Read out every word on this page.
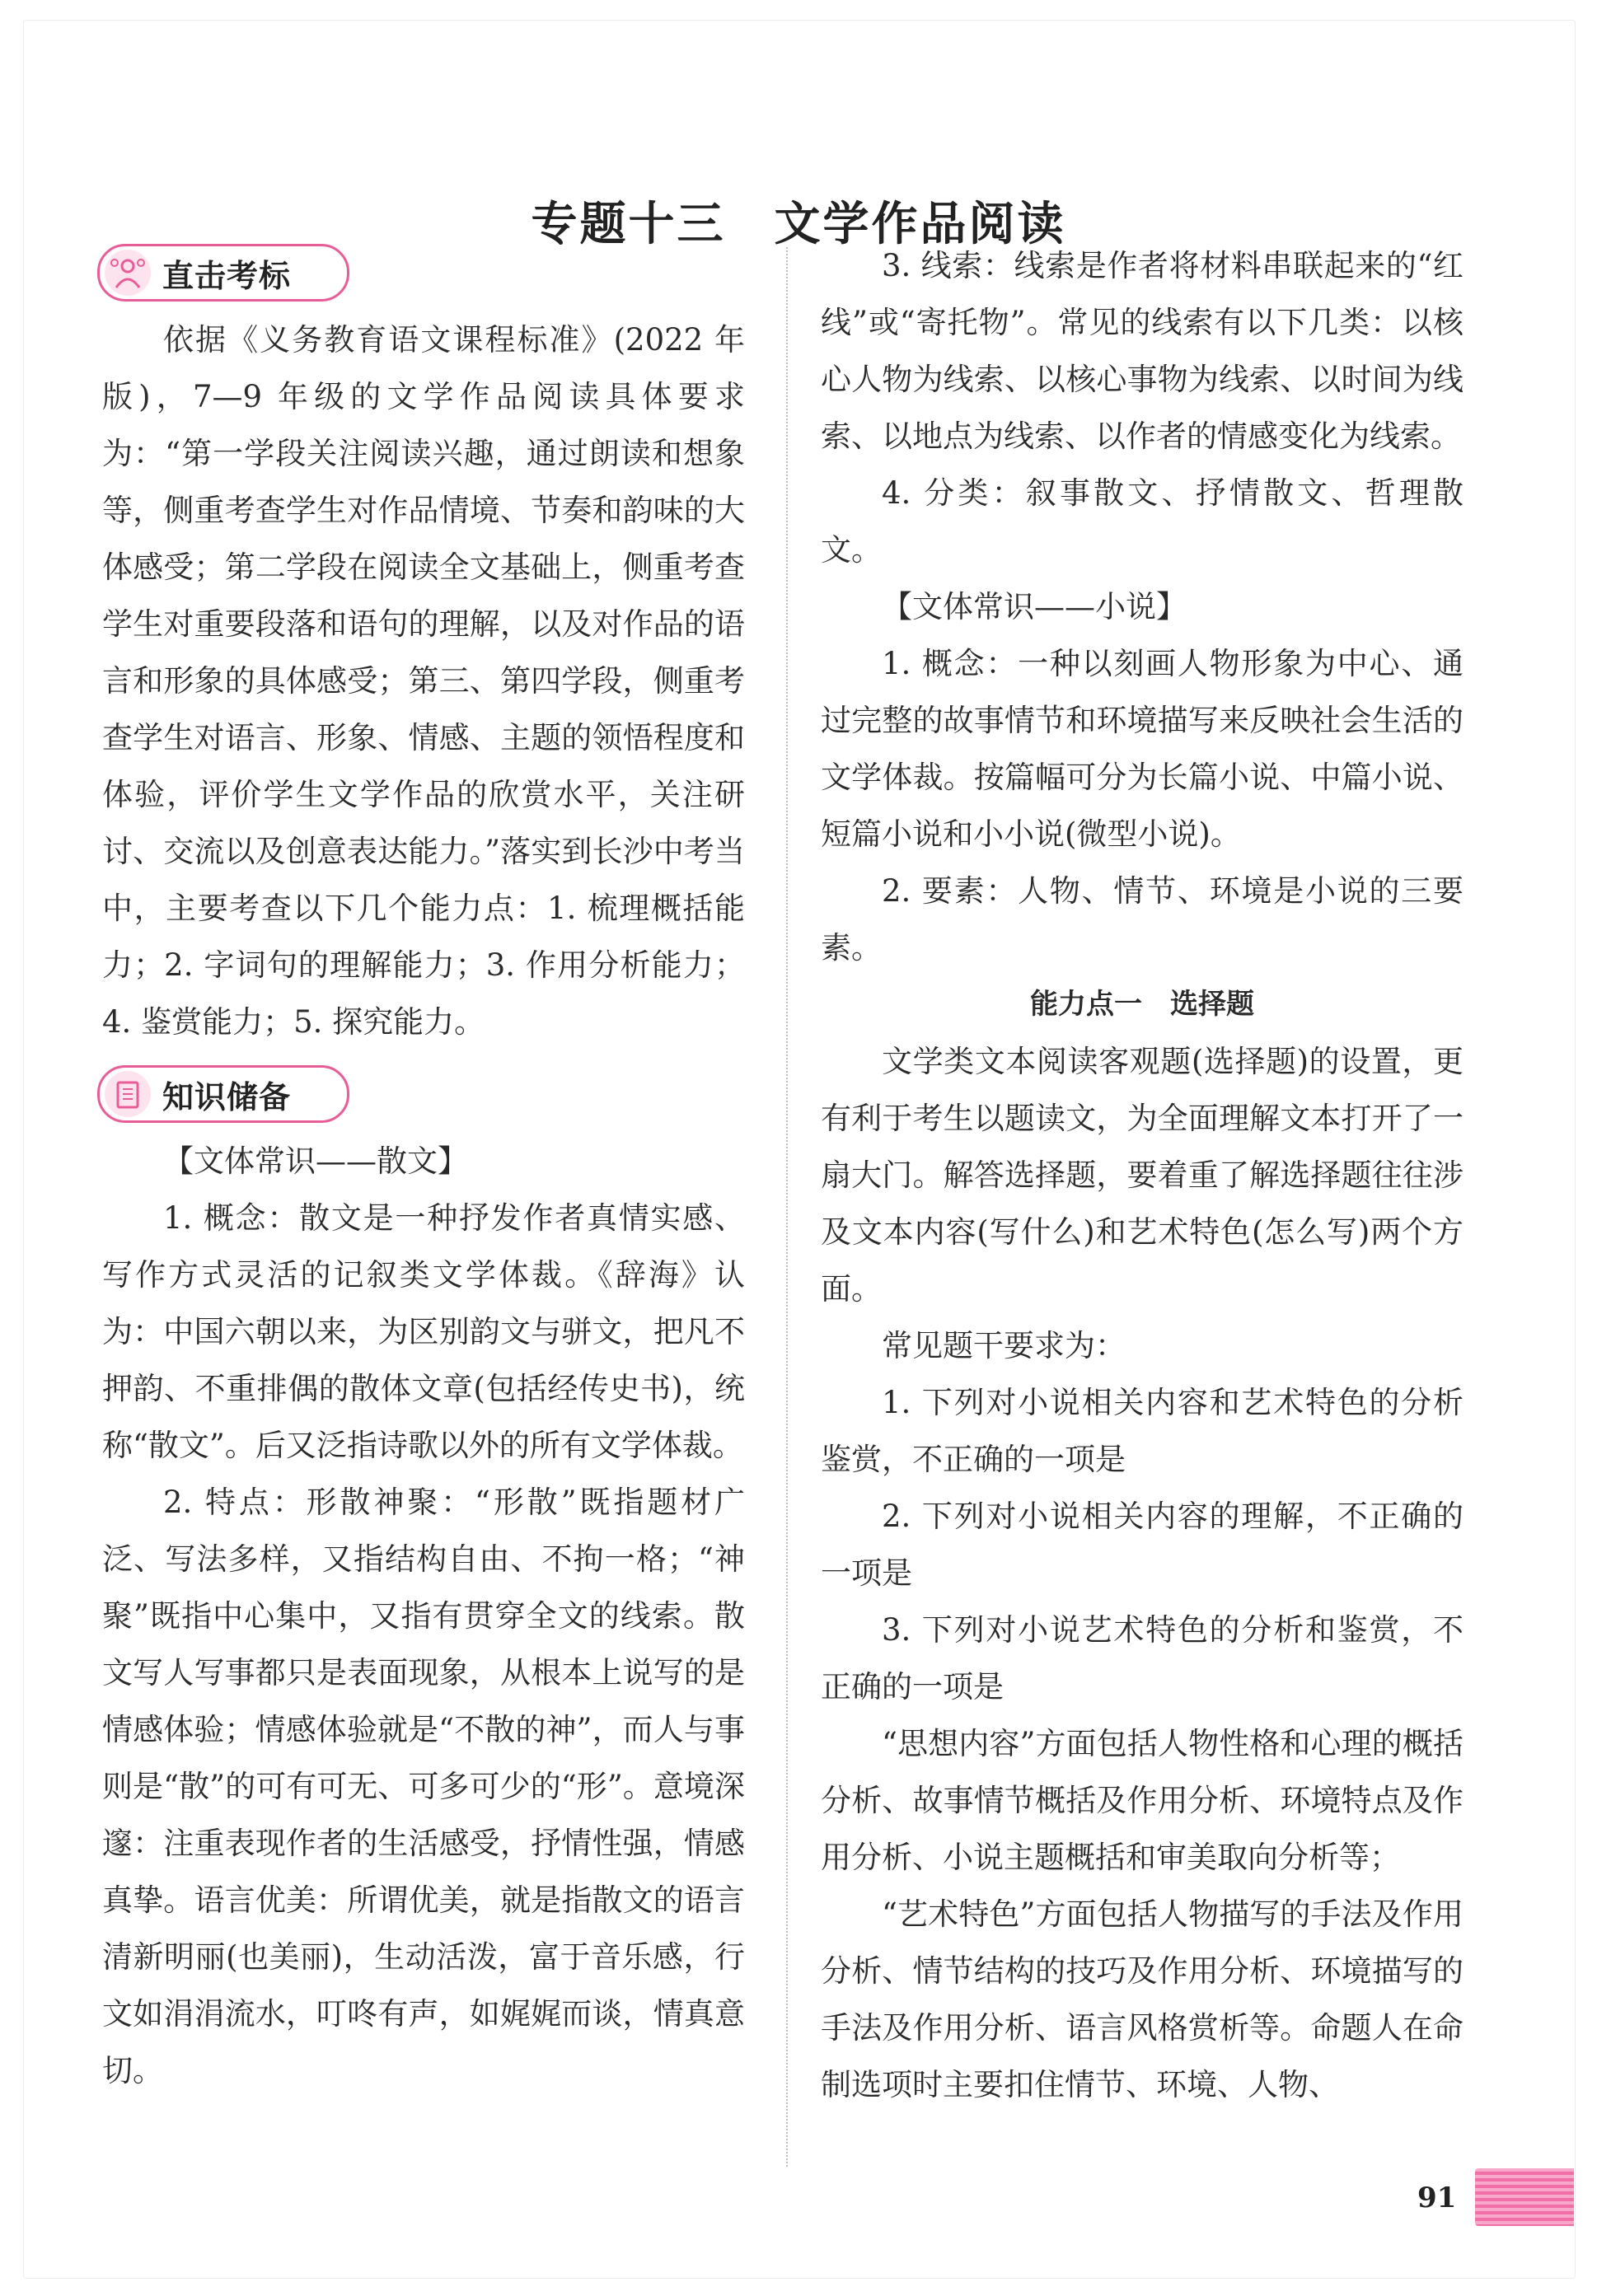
专题十三　文学作品阅读
直击考标

依据《义务教育语文课程标准》(2022 年版)，7—9 年级的文学作品阅读具体要求为：“第一学段关注阅读兴趣，通过朗读和想象等，侧重考查学生对作品情境、节奏和韵味的大体感受；第二学段在阅读全文基础上，侧重考查学生对重要段落和语句的理解，以及对作品的语言和形象的具体感受；第三、第四学段，侧重考查学生对语言、形象、情感、主题的领悟程度和体验，评价学生文学作品的欣赏水平，关注研讨、交流以及创意表达能力。”落实到长沙中考当中，主要考查以下几个能力点：1. 梳理概括能力；2. 字词句的理解能力；3. 作用分析能力；4. 鉴赏能力；5. 探究能力。

知识储备

【文体常识——散文】

1. 概念：散文是一种抒发作者真情实感、写作方式灵活的记叙类文学体裁。《辞海》认为：中国六朝以来，为区别韵文与骈文，把凡不押韵、不重排偶的散体文章(包括经传史书)，统称“散文”。后又泛指诗歌以外的所有文学体裁。

2. 特点：形散神聚：“形散”既指题材广泛、写法多样，又指结构自由、不拘一格；“神聚”既指中心集中，又指有贯穿全文的线索。散文写人写事都只是表面现象，从根本上说写的是情感体验；情感体验就是“不散的神”，而人与事则是“散”的可有可无、可多可少的“形”。意境深邃：注重表现作者的生活感受，抒情性强，情感真挚。语言优美：所谓优美，就是指散文的语言清新明丽(也美丽)，生动活泼，富于音乐感，行文如涓涓流水，叮咚有声，如娓娓而谈，情真意切。

3. 线索：线索是作者将材料串联起来的“红线”或“寄托物”。常见的线索有以下几类：以核心人物为线索、以核心事物为线索、以时间为线索、以地点为线索、以作者的情感变化为线索。

4. 分类：叙事散文、抒情散文、哲理散文。

【文体常识——小说】

1. 概念：一种以刻画人物形象为中心、通过完整的故事情节和环境描写来反映社会生活的文学体裁。按篇幅可分为长篇小说、中篇小说、短篇小说和小小说(微型小说)。

2. 要素：人物、情节、环境是小说的三要素。

能力点一　选择题

文学类文本阅读客观题(选择题)的设置，更有利于考生以题读文，为全面理解文本打开了一扇大门。解答选择题，要着重了解选择题往往涉及文本内容(写什么)和艺术特色(怎么写)两个方面。

常见题干要求为：

1. 下列对小说相关内容和艺术特色的分析鉴赏，不正确的一项是

2. 下列对小说相关内容的理解，不正确的一项是

3. 下列对小说艺术特色的分析和鉴赏，不正确的一项是

“思想内容”方面包括人物性格和心理的概括分析、故事情节概括及作用分析、环境特点及作用分析、小说主题概括和审美取向分析等；

“艺术特色”方面包括人物描写的手法及作用分析、情节结构的技巧及作用分析、环境描写的手法及作用分析、语言风格赏析等。命题人在命制选项时主要扣住情节、环境、人物、

91
